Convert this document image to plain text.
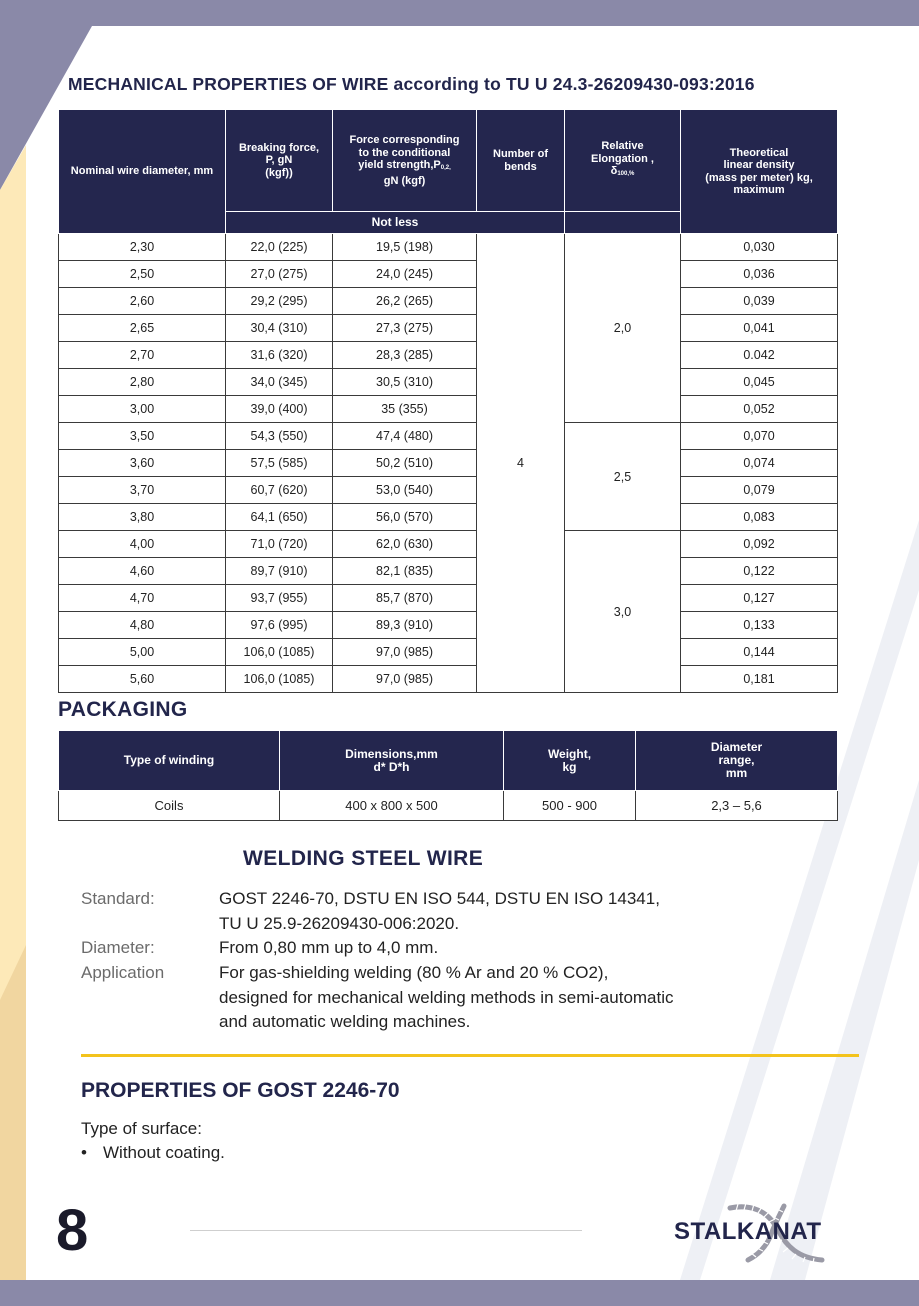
MECHANICAL PROPERTIES OF WIRE according to TU U 24.3-26209430-093:2016
Nominal wire diameter, mm	Breaking force,
P, gN
(kgf))	Force corresponding
to the conditional
yield strength,P0,2,
gN (kgf)	Number of bends	Relative
Elongation ,
δ100,%	Theoretical
linear density
(mass per meter) kg,
maximum
	Not less				
2,30	22,0 (225)	19,5 (198)	4	2,0	0,030
2,50	27,0 (275)	24,0 (245)			0,036
2,60	29,2 (295)	26,2 (265)			0,039
2,65	30,4 (310)	27,3 (275)			0,041
2,70	31,6 (320)	28,3 (285)			0.042
2,80	34,0 (345)	30,5 (310)			0,045
3,00	39,0 (400)	35 (355)			0,052
3,50	54,3 (550)	47,4 (480)		2,5	0,070
3,60	57,5 (585)	50,2 (510)			0,074
3,70	60,7 (620)	53,0 (540)			0,079
3,80	64,1 (650)	56,0 (570)			0,083
4,00	71,0 (720)	62,0 (630)		3,0	0,092
4,60	89,7 (910)	82,1 (835)			0,122
4,70	93,7 (955)	85,7 (870)			0,127
4,80	97,6 (995)	89,3 (910)			0,133
5,00	106,0 (1085)	97,0 (985)			0,144
5,60	106,0 (1085)	97,0 (985)			0,181
PACKAGING
Type of winding	Dimensions,mm
d* D*h	Weight,
kg	Diameter
range,
mm
Coils	400 x 800 x 500	500 - 900	2,3 – 5,6
WELDING STEEL WIRE
Standard:	GOST 2246-70, DSTU EN ISO 544, DSTU EN ISO 14341,
TU U 25.9-26209430-006:2020.
Diameter:	From 0,80 mm up to 4,0 mm.
Application	For gas-shielding welding (80 % Ar and 20 % CO2),
designed for mechanical welding methods in semi-automatic
and automatic welding machines.
PROPERTIES OF GOST 2246-70
Type of surface:
• Without coating.
8	STALKANAT
